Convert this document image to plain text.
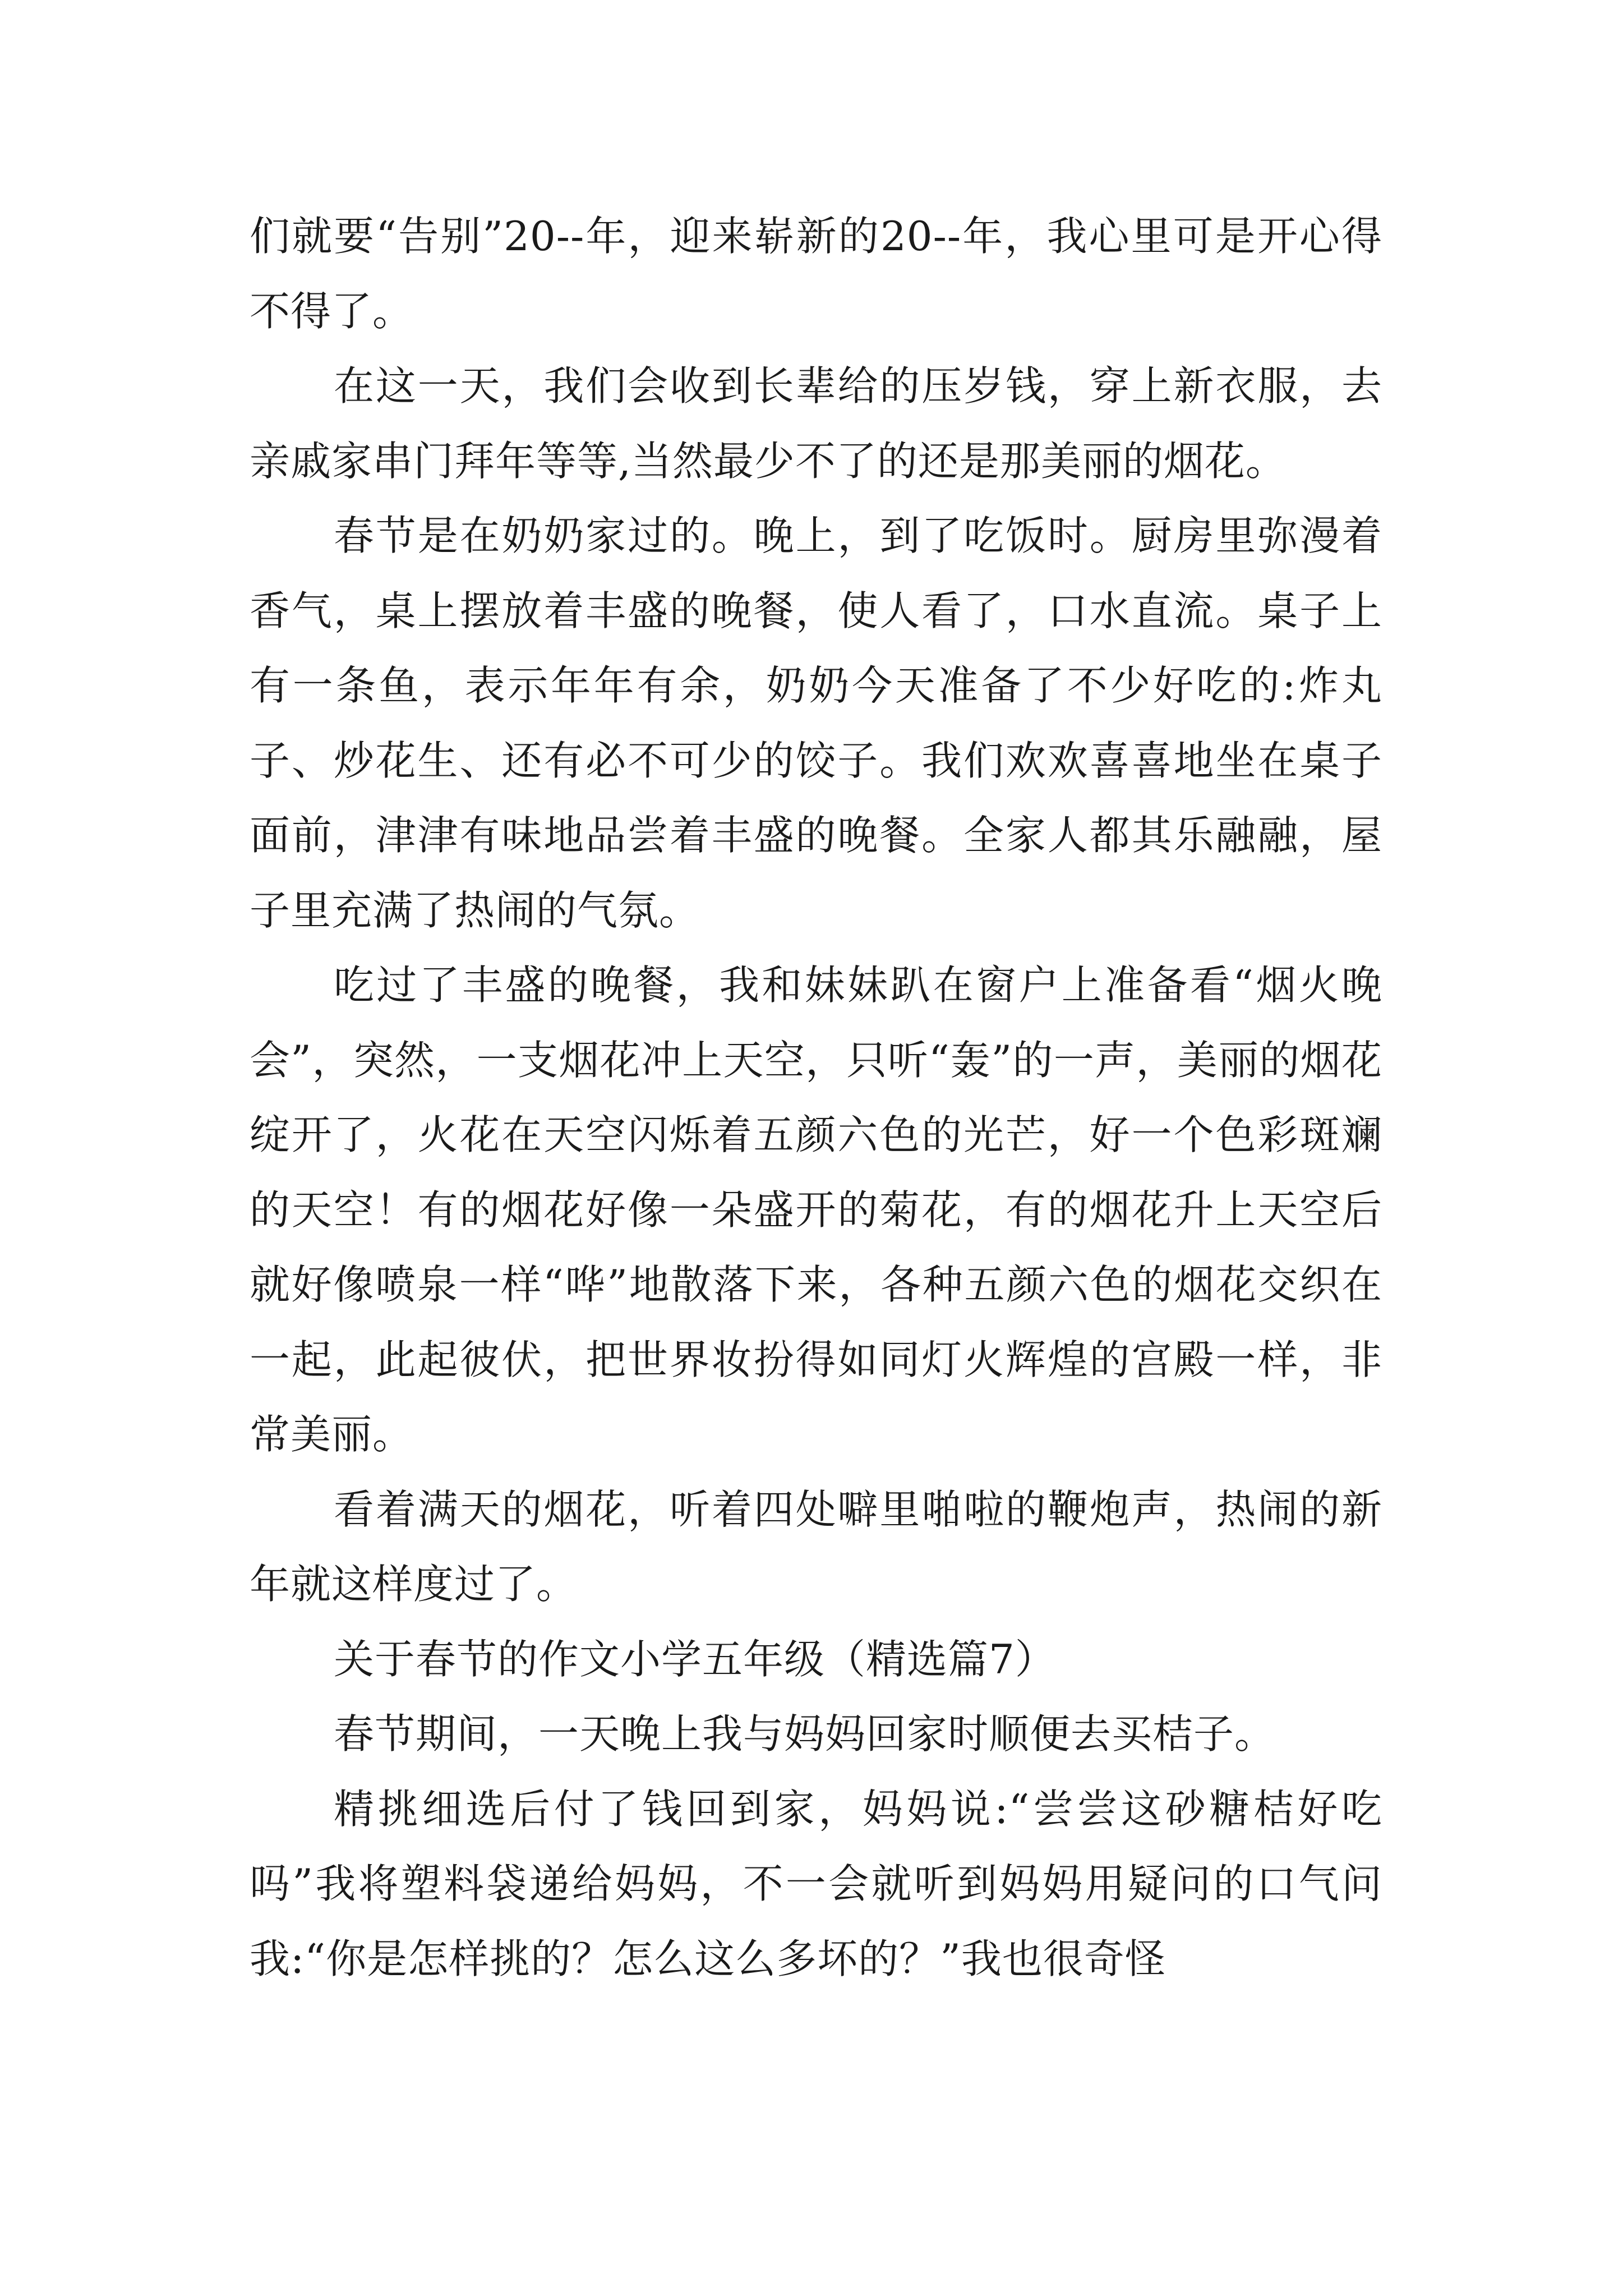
们就要“告别”20--年，迎来崭新的20--年，我心里可是开心得不得了。

在这一天，我们会收到长辈给的压岁钱，穿上新衣服，去亲戚家串门拜年等等,当然最少不了的还是那美丽的烟花。

春节是在奶奶家过的。晚上，到了吃饭时。厨房里弥漫着香气，桌上摆放着丰盛的晚餐，使人看了，口水直流。桌子上有一条鱼，表示年年有余，奶奶今天准备了不少好吃的:炸丸子、炒花生、还有必不可少的饺子。我们欢欢喜喜地坐在桌子面前，津津有味地品尝着丰盛的晚餐。全家人都其乐融融，屋子里充满了热闹的气氛。

吃过了丰盛的晚餐，我和妹妹趴在窗户上准备看“烟火晚会”，突然，一支烟花冲上天空，只听“轰”的一声，美丽的烟花绽开了，火花在天空闪烁着五颜六色的光芒，好一个色彩斑斓的天空！有的烟花好像一朵盛开的菊花，有的烟花升上天空后就好像喷泉一样“哗”地散落下来，各种五颜六色的烟花交织在一起，此起彼伏，把世界妆扮得如同灯火辉煌的宫殿一样，非常美丽。

看着满天的烟花，听着四处噼里啪啦的鞭炮声，热闹的新年就这样度过了。

关于春节的作文小学五年级（精选篇7）

春节期间，一天晚上我与妈妈回家时顺便去买桔子。

精挑细选后付了钱回到家，妈妈说:“尝尝这砂糖桔好吃吗”我将塑料袋递给妈妈，不一会就听到妈妈用疑问的口气问我:“你是怎样挑的？怎么这么多坏的？”我也很奇怪
